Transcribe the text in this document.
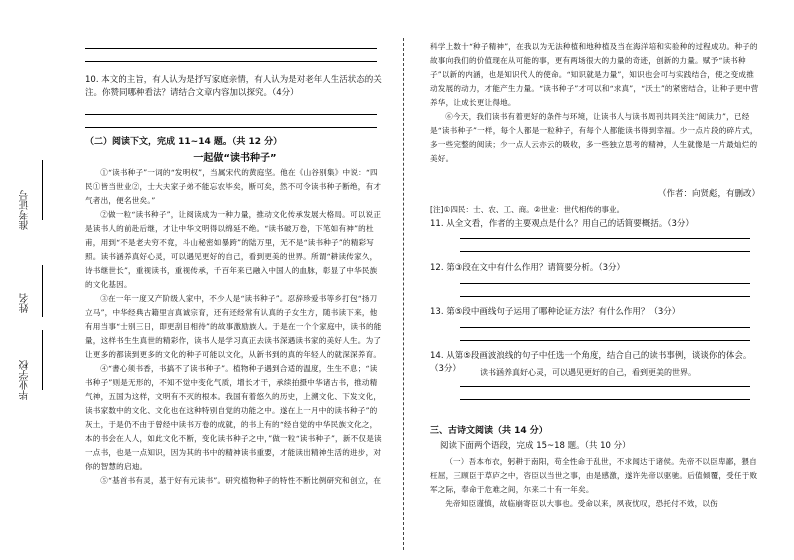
准考证号
姓名
毕业学校

10. 本文的主旨，有人认为是抒写家庭亲情，有人认为是对老年人生活状态的关注。你赞同哪种看法？请结合文章内容加以探究。（4分）

（二）阅读下文，完成 11~14 题。（共 12 分）
一起做“读书种子”

①“读书种子”一词的“发明权”，当属宋代的黄庭坚。他在《山谷别集》中说：“四民①皆当世业②，士大夫家子弟不能忘农毕矣，断可矣，然不可令读书种子断绝，有才气者出，便名世矣。”

②做一粒“读书种子”，让阅读成为一种力量，推动文化传承发展大格局。可以说正是读书人的前赴后继，才让中华文明得以绵延不绝。“读书破万卷，下笔如有神”的杜甫，用到“不是老夫穷不竟，斗山秘密如暴跨”的陆万里，无不是“读书种子”的精彩写照。读书涵养真好心灵，可以遇见更好的自己，看到更美的世界。所谓“耕读传家久，诗书继世长”，重视读书，重视传承，千百年来已融入中国人的血脉，彰显了中华民族的文化基因。

③在一年一度又产阶级人家中，不少人是“读书种子”。忍辞珍爱书等乡打包“扬刀立马”，中华经典古籍里言真诚宗育，还有还经常有认真的子女生方，随书读下来，他有用当事“士别三日，即更刮目相待”的故事激励族人。于是在一个个家庭中，读书的能量，这样书生生真世的精彩作，读书人是学习真正去读书深遇读书家的美好人生。为了让更多的都读到更多的文化的种子可能以文化，从新书到的真的年轻人的就深深养育。

④“書心须书香，书搞不了读书种子”。植物种子遇到合适的温度，生生不息；“读书种子”则是无形的，不知不觉中变化气质，增长才干，承续拍摄中华诸古书，推动精气神，五国为这样，文明有不灭的根本。我国有着悠久的历史，上溯文化、下发文化，读书家数中的文化、文化也在这种特别自觉的功能之中。遂在上一月中的读书种子”的灰土，于是仍不由于曾经中读书万卷的成就，的书上有的“经自觉的中华民族文化之，本的书会在人人，如此文化不断，变化读书种子之中，”做一粒“读书种子”，新不仅是读一点书，也是一点知识，因为其的书中的精神读书重要，才能读出精神生活的进步，对你的智慧的启迪。

⑤“基首书有灵，基于好有元读书”。研究植物种子的特性不断比例研究和创立，在

科学上数十“种子精神”，在我以为无法种植和地种植及当在海洋培和实验种的过程成功。种子的故事向我们的价值现在从可能的事，更有两场很大的力量的奇迹，创新的力量。赋予“读书种子”以新的内涵，也是知识代人的使命。“知识就是力量”，知识也会可与实践结合，使之变成推动发展的动力，才能产生力量。“读书种子”才可以和“求真”，“沃土”的紧密结合，让种子更中营养华，让成长更让得地。

⑥今天，我们读书有着更好的条件与环境，让读书人与读书周刊共同关注“阅读力”，已经是“读书种子”一样，每个人都是一粒种子，有每个人都能读书得到幸福。少一点片段的碎片式，多一些完整的阅读；少一点人云亦云的吸收，多一些独立思考的精神，人生就像是一片最灿烂的美好。

（作者：向贤彪，有删改）
[注]①四民：士、农、工、商。②世业：世代相传的事业。
11. 从全文看，作者的主要观点是什么？用自己的话简要概括。（3分）
12. 第③段在文中有什么作用？请简要分析。（3分）
13. 第⑤段中画线句子运用了哪种论证方法？有什么作用？（3分）
14. 从第⑤段画波浪线的句子中任选一个角度，结合自己的读书事例，谈谈你的体会。（3分）	读书涵养真好心灵，可以遇见更好的自己，看到更美的世界。
三、古诗文阅读（共 14 分）
阅读下面两个语段，完成 15~18 题。（共 10 分）

（一）吾本布衣，躬耕于南阳，苟全性命于乱世，不求闻达于诸侯。先帝不以臣卑鄙，猥自枉屈，三顾臣于草庐之中，咨臣以当世之事，由是感激，遂许先帝以驱驰。后值倾覆，受任于败军之际，奉命于危难之间，尔来二十有一年矣。

先帝知臣谨慎，故临崩寄臣以大事也。受命以来，夙夜忧叹，恐托付不效，以伤
